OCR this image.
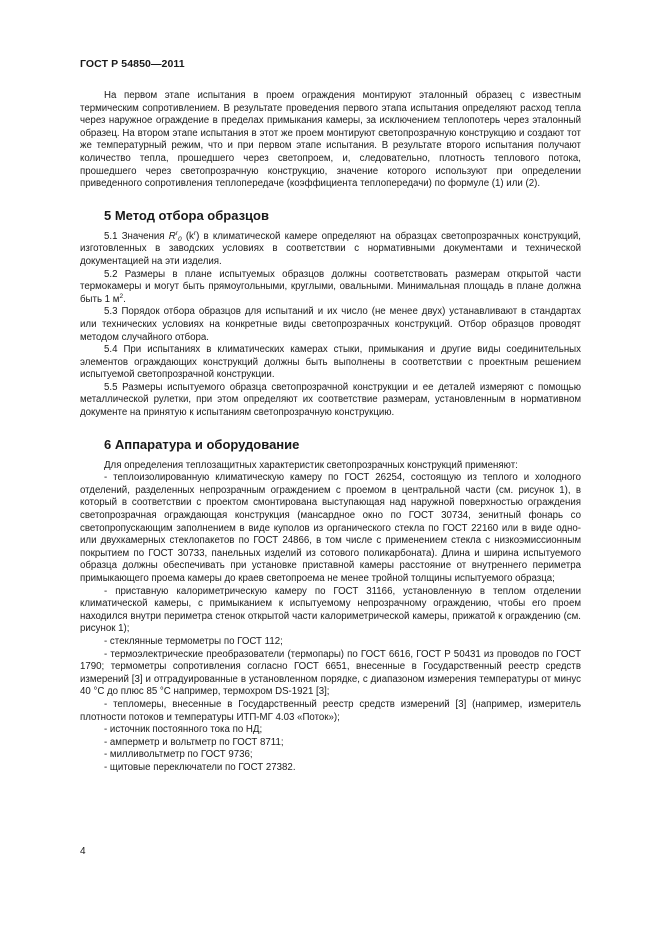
ГОСТ Р 54850—2011

На первом этапе испытания в проем ограждения монтируют эталонный образец с известным термическим сопротивлением. В результате проведения первого этапа испытания определяют расход тепла через наружное ограждение в пределах примыкания камеры, за исключением теплопотерь через эталонный образец. На втором этапе испытания в этот же проем монтируют светопрозрачную конструкцию и создают тот же температурный режим, что и при первом этапе испытания. В результате второго испытания получают количество тепла, прошедшего через светопроем, и, следовательно, плотность теплового потока, прошедшего через светопрозрачную конструкцию, значение которого используют при определении приведенного сопротивления теплопередаче (коэффициента теплопередачи) по формуле (1) или (2).

5 Метод отбора образцов

5.1 Значения $R^r_0$ $(k^r)$ в климатической камере определяют на образцах светопрозрачных конструкций, изготовленных в заводских условиях в соответствии с нормативными документами и технической документацией на эти изделия.

5.2 Размеры в плане испытуемых образцов должны соответствовать размерам открытой части термокамеры и могут быть прямоугольными, круглыми, овальными. Минимальная площадь в плане должна быть 1 $м^2$.

5.3 Порядок отбора образцов для испытаний и их число (не менее двух) устанавливают в стандартах или технических условиях на конкретные виды светопрозрачных конструкций. Отбор образцов проводят методом случайного отбора.

5.4 При испытаниях в климатических камерах стыки, примыкания и другие виды соединительных элементов ограждающих конструкций должны быть выполнены в соответствии с проектным решением испытуемой светопрозрачной конструкции.

5.5 Размеры испытуемого образца светопрозрачной конструкции и ее деталей измеряют с помощью металлической рулетки, при этом определяют их соответствие размерам, установленным в нормативном документе на принятую к испытаниям светопрозрачную конструкцию.

6 Аппаратура и оборудование

Для определения теплозащитных характеристик светопрозрачных конструкций применяют:

- теплоизолированную климатическую камеру по ГОСТ 26254, состоящую из теплого и холодного отделений, разделенных непрозрачным ограждением с проемом в центральной части (см. рисунок 1), в который в соответствии с проектом смонтирована выступающая над наружной поверхностью ограждения светопрозрачная ограждающая конструкция (мансардное окно по ГОСТ 30734, зенитный фонарь со светопропускающим заполнением в виде куполов из органического стекла по ГОСТ 22160 или в виде одно- или двухкамерных стеклопакетов по ГОСТ 24866, в том числе с применением стекла с низкоэмиссионным покрытием по ГОСТ 30733, панельных изделий из сотового поликарбоната). Длина и ширина испытуемого образца должны обеспечивать при установке приставной камеры расстояние от внутреннего периметра примыкающего проема камеры до краев светопроема не менее тройной толщины испытуемого образца;

- приставную калориметрическую камеру по ГОСТ 31166, установленную в теплом отделении климатической камеры, с примыканием к испытуемому непрозрачному ограждению, чтобы его проем находился внутри периметра стенок открытой части калориметрической камеры, прижатой к ограждению (см. рисунок 1);

- стеклянные термометры по ГОСТ 112;

- термоэлектрические преобразователи (термопары) по ГОСТ 6616, ГОСТ Р 50431 из проводов по ГОСТ 1790; термометры сопротивления согласно ГОСТ 6651, внесенные в Государственный реестр средств измерений [3] и отградуированные в установленном порядке, с диапазоном измерения температуры от минус 40 °С до плюс 85 °С например, термохром DS-1921 [3];

- тепломеры, внесенные в Государственный реестр средств измерений [3] (например, измеритель плотности потоков и температуры ИТП-МГ 4.03 «Поток»);

- источник постоянного тока по НД;

- амперметр и вольтметр по ГОСТ 8711;

- милливольтметр по ГОСТ 9736;

- щитовые переключатели по ГОСТ 27382.

4
